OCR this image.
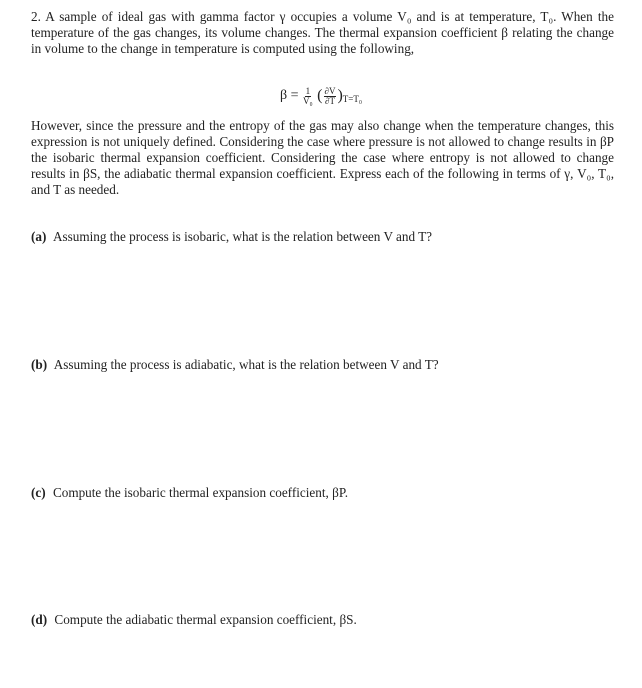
2. A sample of ideal gas with gamma factor γ occupies a volume V₀ and is at temperature, T₀. When the temperature of the gas changes, its volume changes. The thermal expansion coefficient β relating the change in volume to the change in temperature is computed using the following,

$\beta = \frac{1}{\text{V₀}}$ ( $\frac{\partial V}{\partial T} )_{T=T_0}$

However, since the pressure and the entropy of the gas may also change when the temperature changes, this expression is not uniquely defined. Considering the case where pressure is not allowed to change results in βP the isobaric thermal expansion coefficient. Considering the case where entropy is not allowed to change results in βS, the adiabatic thermal expansion coefficient. Express each of the following in terms of γ, V₀, T₀, and T as needed.

(a) Assuming the process is isobaric, what is the relation between V and T?

(b) Assuming the process is adiabatic, what is the relation between V and T?

(c) Compute the isobaric thermal expansion coefficient, βP.

(d) Compute the adiabatic thermal expansion coefficient, βS.
